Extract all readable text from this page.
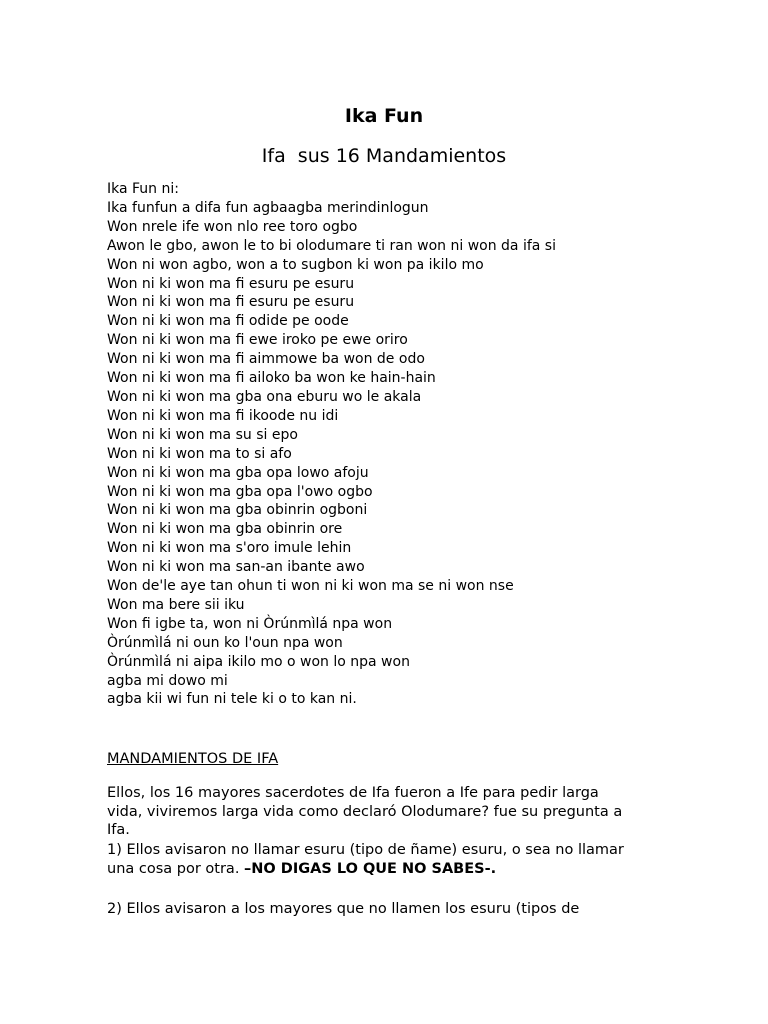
Ika Fun
Ifa  sus 16 Mandamientos
Ika Fun ni:
Ika funfun a difa fun agbaagba merindinlogun
Won nrele ife won nlo ree toro ogbo
Awon le gbo, awon le to bi olodumare ti ran won ni won da ifa si
Won ni won agbo, won a to sugbon ki won pa ikilo mo
Won ni ki won ma fi esuru pe esuru
Won ni ki won ma fi esuru pe esuru
Won ni ki won ma fi odide pe oode
Won ni ki won ma fi ewe iroko pe ewe oriro
Won ni ki won ma fi aimmowe ba won de odo
Won ni ki won ma fi ailoko ba won ke hain-hain
Won ni ki won ma gba ona eburu wo le akala
Won ni ki won ma fi ikoode nu idi
Won ni ki won ma su si epo
Won ni ki won ma to si afo
Won ni ki won ma gba opa lowo afoju
Won ni ki won ma gba opa l'owo ogbo
Won ni ki won ma gba obinrin ogboni
Won ni ki won ma gba obinrin ore
Won ni ki won ma s'oro imule lehin
Won ni ki won ma san-an ibante awo
Won de'le aye tan ohun ti won ni ki won ma se ni won nse
Won ma bere sii iku
Won fi igbe ta, won ni Òrúnmìlá npa won
Òrúnmìlá ni oun ko l'oun npa won
Òrúnmìlá ni aipa ikilo mo o won lo npa won
agba mi dowo mi
agba kii wi fun ni tele ki o to kan ni.
MANDAMIENTOS DE IFA
Ellos, los 16 mayores sacerdotes de Ifa fueron a Ife para pedir larga
vida, viviremos larga vida como declaró Olodumare? fue su pregunta a
Ifa.
1) Ellos avisaron no llamar esuru (tipo de ñame) esuru, o sea no llamar
una cosa por otra. –NO DIGAS LO QUE NO SABES-.
2) Ellos avisaron a los mayores que no llamen los esuru (tipos de
